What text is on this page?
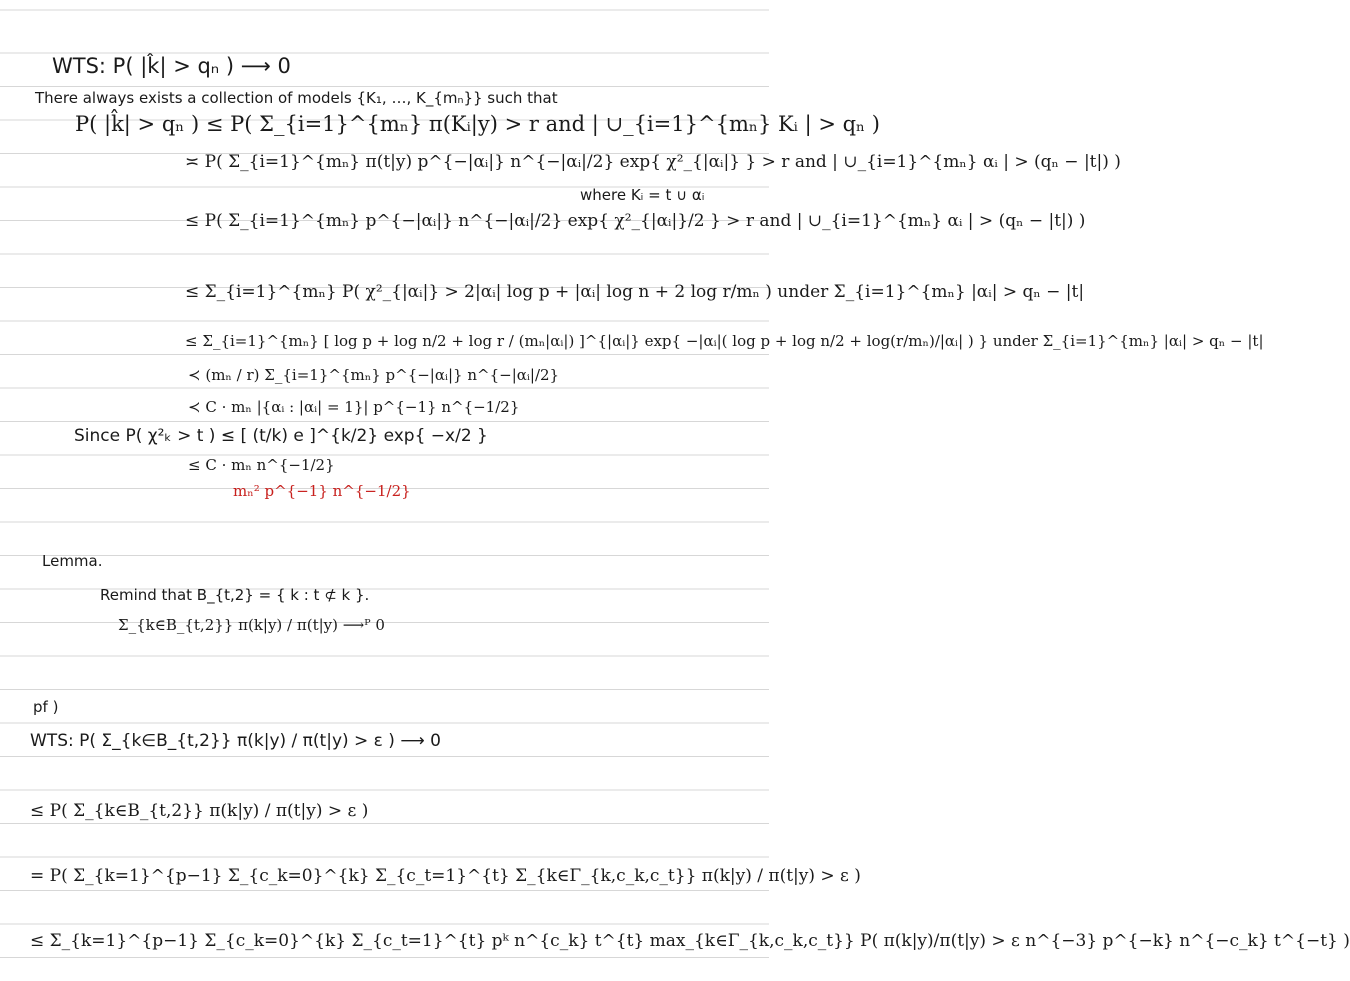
WTS: P( |k̂| > qₙ ) ⟶ 0
There always exists a collection of models {K₁, …, K_{mₙ}} such that
P( |k̂| > qₙ ) ≤ P( Σ_{i=1}^{mₙ} π(Kᵢ|y) > r and | ∪_{i=1}^{mₙ} Kᵢ | > qₙ )
≍ P( Σ_{i=1}^{mₙ} π(t|y) p^{−|αᵢ|} n^{−|αᵢ|/2} exp{ χ²_{|αᵢ|} } > r and | ∪_{i=1}^{mₙ} αᵢ | > (qₙ − |t|) )
where Kᵢ = t ∪ αᵢ
≤ P( Σ_{i=1}^{mₙ} p^{−|αᵢ|} n^{−|αᵢ|/2} exp{ χ²_{|αᵢ|}/2 } > r and | ∪_{i=1}^{mₙ} αᵢ | > (qₙ − |t|) )
≤ Σ_{i=1}^{mₙ} P( χ²_{|αᵢ|} > 2|αᵢ| log p + |αᵢ| log n + 2 log r/mₙ ) under Σ_{i=1}^{mₙ} |αᵢ| > qₙ − |t|
≤ Σ_{i=1}^{mₙ} [ log p + log n/2 + log r / (mₙ|αᵢ|) ]^{|αᵢ|} exp{ −|αᵢ|( log p + log n/2 + log(r/mₙ)/|αᵢ| ) } under Σ_{i=1}^{mₙ} |αᵢ| > qₙ − |t|
≺ (mₙ / r) Σ_{i=1}^{mₙ} p^{−|αᵢ|} n^{−|αᵢ|/2}
≺ C · mₙ |{αᵢ : |αᵢ| = 1}| p^{−1} n^{−1/2}
Since P( χ²ₖ > t ) ≤ [ (t/k) e ]^{k/2} exp{ −x/2 }
≤ C · mₙ n^{−1/2}
mₙ² p^{−1} n^{−1/2}
Lemma.
Remind that B_{t,2} = { k : t ⊄ k }.
Σ_{k∈B_{t,2}} π(k|y) / π(t|y) ⟶ᴾ 0
pf )
WTS: P( Σ_{k∈B_{t,2}} π(k|y) / π(t|y) > ε ) ⟶ 0
≤ P( Σ_{k∈B_{t,2}} π(k|y) / π(t|y) > ε )
= P( Σ_{k=1}^{p−1} Σ_{c_k=0}^{k} Σ_{c_t=1}^{t} Σ_{k∈Γ_{k,c_k,c_t}} π(k|y) / π(t|y) > ε )
≤ Σ_{k=1}^{p−1} Σ_{c_k=0}^{k} Σ_{c_t=1}^{t} pᵏ n^{c_k} t^{t} max_{k∈Γ_{k,c_k,c_t}} P( π(k|y)/π(t|y) > ε n^{−3} p^{−k} n^{−c_k} t^{−t} )
